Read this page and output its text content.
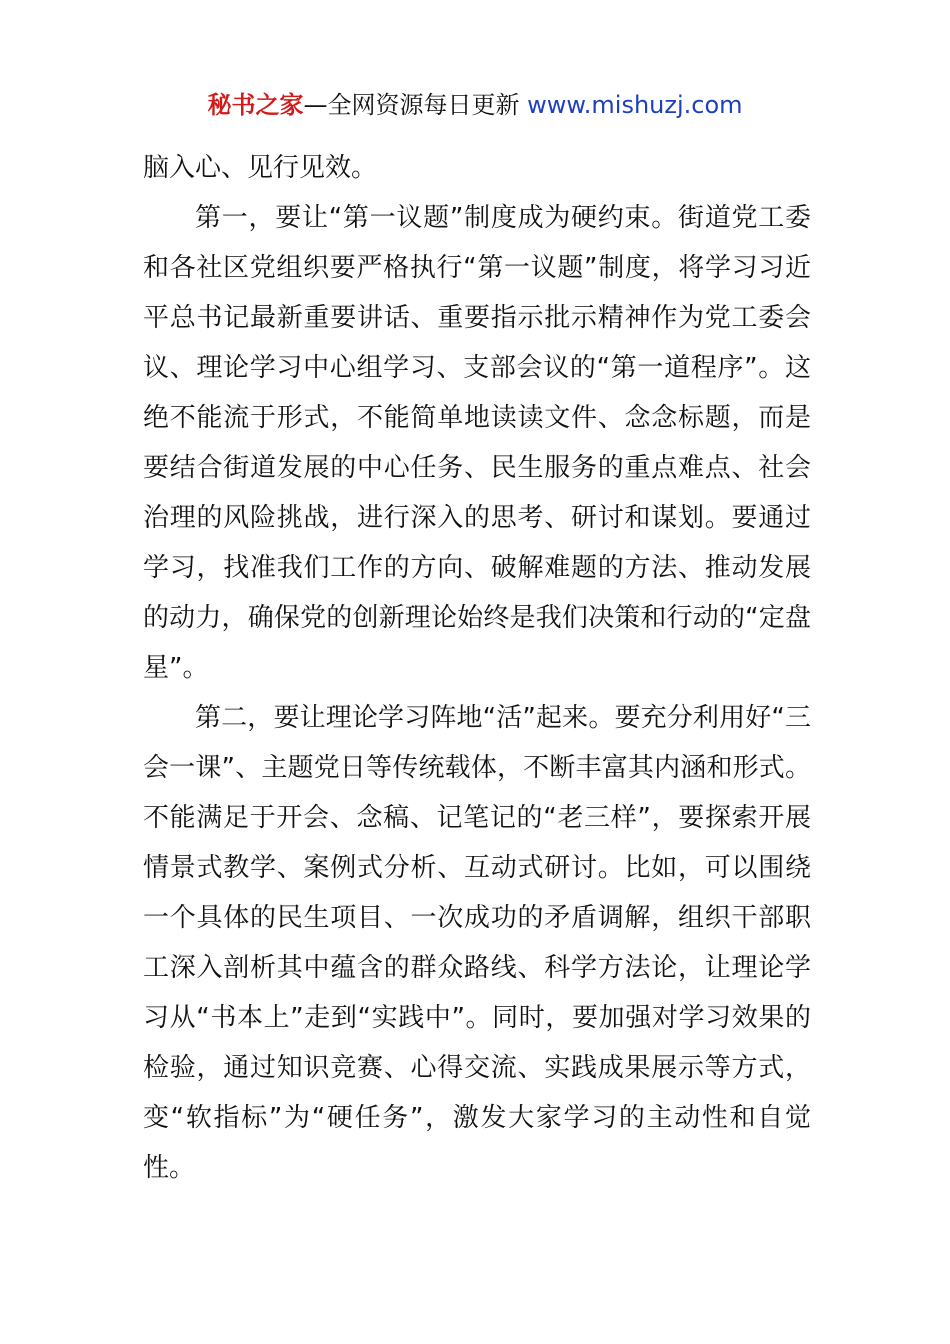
秘书之家—全网资源每日更新 www.mishuzj.com

脑入心、见行见效。

第一，要让“第一议题”制度成为硬约束。街道党工委和各社区党组织要严格执行“第一议题”制度，将学习习近平总书记最新重要讲话、重要指示批示精神作为党工委会议、理论学习中心组学习、支部会议的“第一道程序”。这绝不能流于形式，不能简单地读读文件、念念标题，而是要结合街道发展的中心任务、民生服务的重点难点、社会治理的风险挑战，进行深入的思考、研讨和谋划。要通过学习，找准我们工作的方向、破解难题的方法、推动发展的动力，确保党的创新理论始终是我们决策和行动的“定盘星”。

第二，要让理论学习阵地“活”起来。要充分利用好“三会一课”、主题党日等传统载体，不断丰富其内涵和形式。不能满足于开会、念稿、记笔记的“老三样”，要探索开展情景式教学、案例式分析、互动式研讨。比如，可以围绕一个具体的民生项目、一次成功的矛盾调解，组织干部职工深入剖析其中蕴含的群众路线、科学方法论，让理论学习从“书本上”走到“实践中”。同时，要加强对学习效果的检验，通过知识竞赛、心得交流、实践成果展示等方式，变“软指标”为“硬任务”，激发大家学习的主动性和自觉性。
